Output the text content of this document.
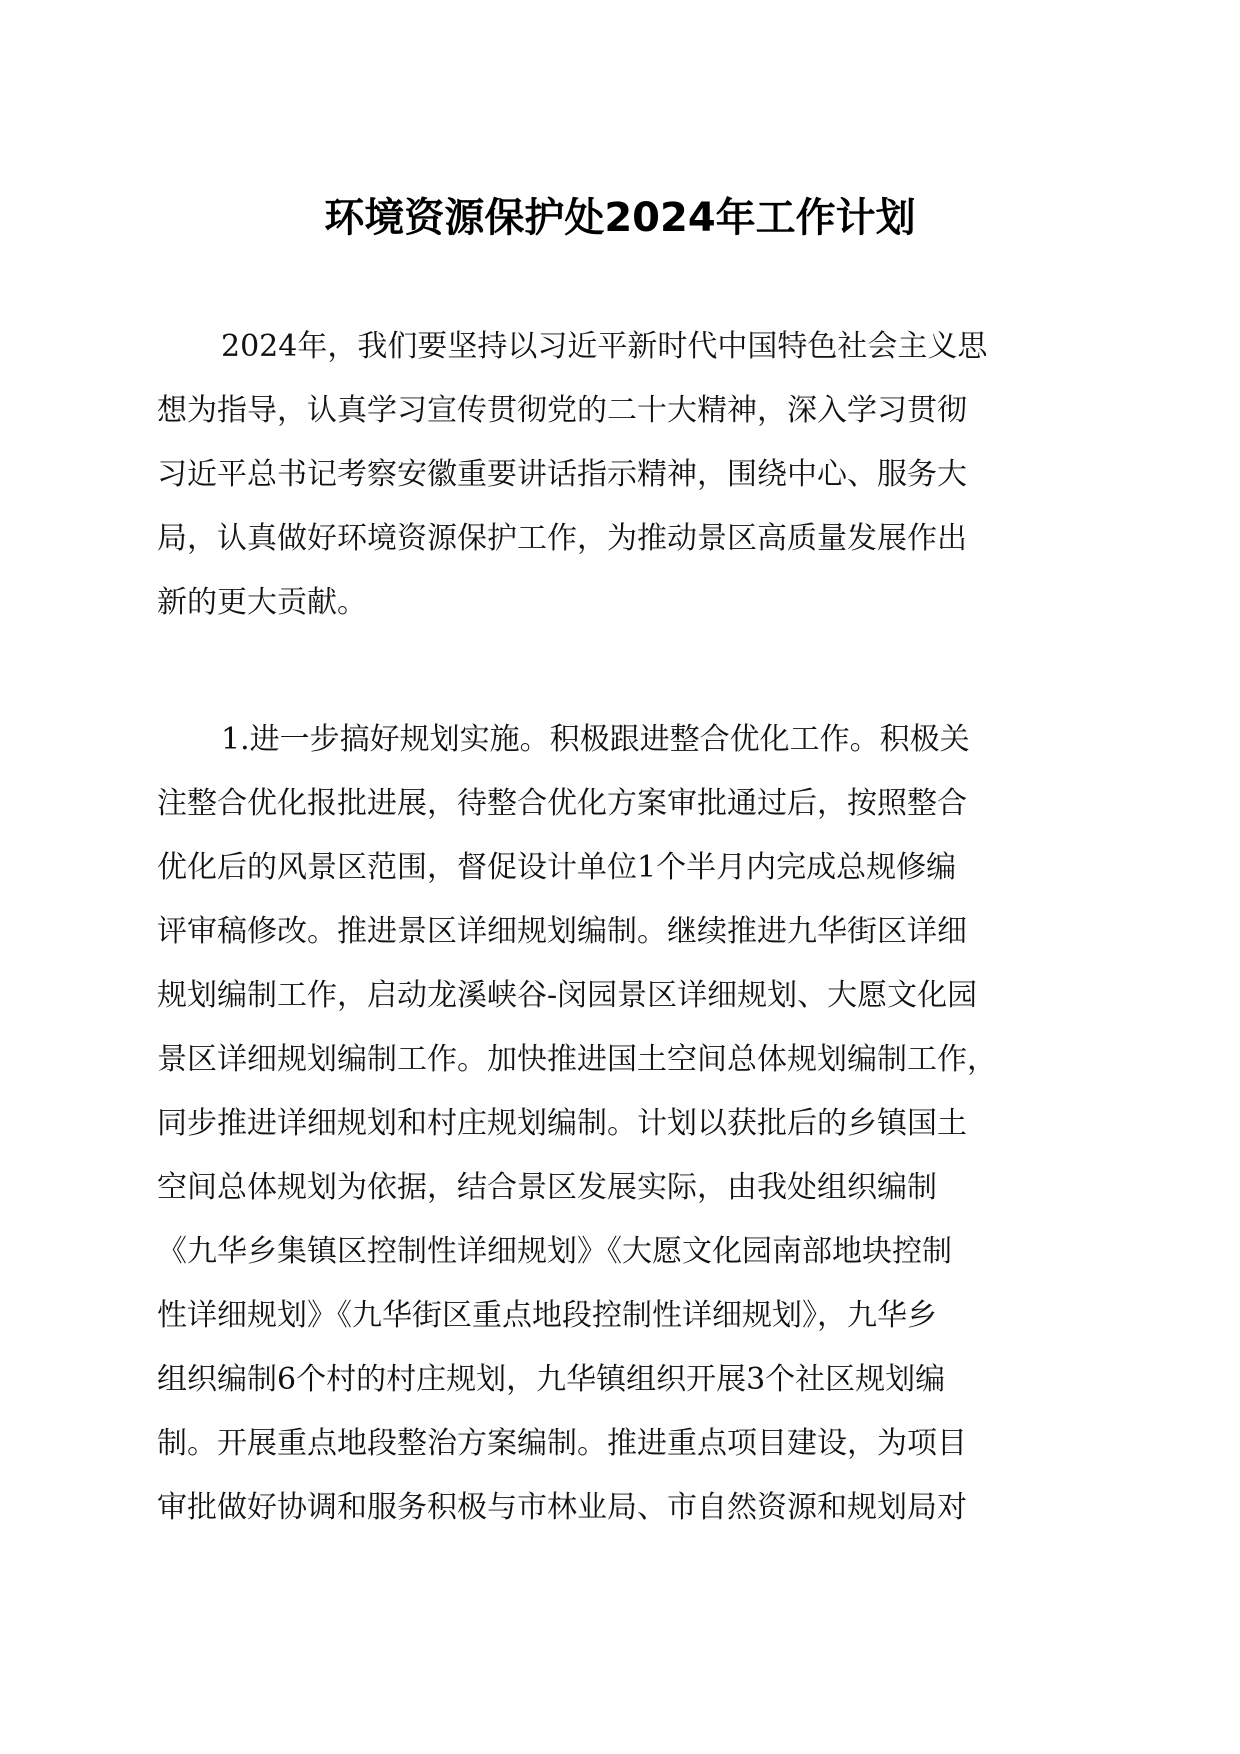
环境资源保护处2024年工作计划
2024年，我们要坚持以习近平新时代中国特色社会主义思
想为指导，认真学习宣传贯彻党的二十大精神，深入学习贯彻
习近平总书记考察安徽重要讲话指示精神，围绕中心、服务大
局，认真做好环境资源保护工作，为推动景区高质量发展作出
新的更大贡献。
1.进一步搞好规划实施。积极跟进整合优化工作。积极关
注整合优化报批进展，待整合优化方案审批通过后，按照整合
优化后的风景区范围，督促设计单位1个半月内完成总规修编
评审稿修改。推进景区详细规划编制。继续推进九华街区详细
规划编制工作，启动龙溪峡谷-闵园景区详细规划、大愿文化园
景区详细规划编制工作。加快推进国土空间总体规划编制工作，
同步推进详细规划和村庄规划编制。计划以获批后的乡镇国土
空间总体规划为依据，结合景区发展实际，由我处组织编制
《九华乡集镇区控制性详细规划》《大愿文化园南部地块控制
性详细规划》《九华街区重点地段控制性详细规划》，九华乡
组织编制6个村的村庄规划，九华镇组织开展3个社区规划编
制。开展重点地段整治方案编制。推进重点项目建设，为项目
审批做好协调和服务积极与市林业局、市自然资源和规划局对
